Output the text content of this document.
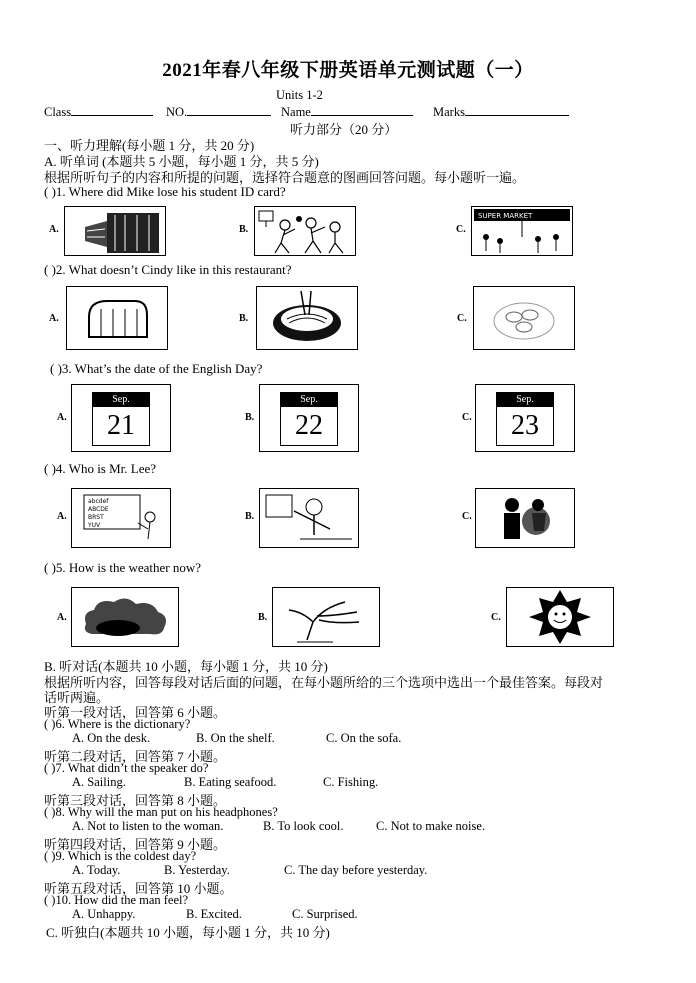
2021年春八年级下册英语单元测试题（一）
Units 1-2
Class	NO.	Name	Marks
听力部分（20 分）
一、听力理解(每小题 1 分，共 20 分)
A. 听单词 (本题共 5 小题，每小题 1 分，共 5 分)
根据所听句子的内容和所提的问题，选择符合题意的图画回答问题。每小题听一遍。
( )1. Where did Mike lose his student ID card?
A.	B.	C.
SUPER MARKET
( )2. What doesn’t Cindy like in this restaurant?
A.	B.	C.
( )3. What’s the date of the English Day?
A.
Sep.
21	B.
Sep.
22	C.
Sep.
23
( )4. Who is Mr. Lee?
A.
abcdef
ABCDE
BRST
YUV
B.	C.
( )5. How is the weather now?
A.	B.	C.
B. 听对话(本题共 10 小题，每小题 1 分，共 10 分)
根据所听内容，回答每段对话后面的问题，在每小题所给的三个选项中选出一个最佳答案。每段对
话听两遍。
听第一段对话，回答第 6 小题。
( )6. Where is the dictionary?
A. On the desk.	B. On the shelf.	C. On the sofa.
听第二段对话，回答第 7 小题。
( )7. What didn’t the speaker do?
A. Sailing.	B. Eating seafood.	C. Fishing.
听第三段对话，回答第 8 小题。
( )8. Why will the man put on his headphones?
A. Not to listen to the woman.	B. To look cool.	C. Not to make noise.
听第四段对话，回答第 9 小题。
( )9. Which is the coldest day?
A. Today.	B. Yesterday.	C. The day before yesterday.
听第五段对话，回答第 10 小题。
( )10. How did the man feel?
A. Unhappy.	B. Excited.	C. Surprised.
C. 听独白(本题共 10 小题，每小题 1 分，共 10 分)
